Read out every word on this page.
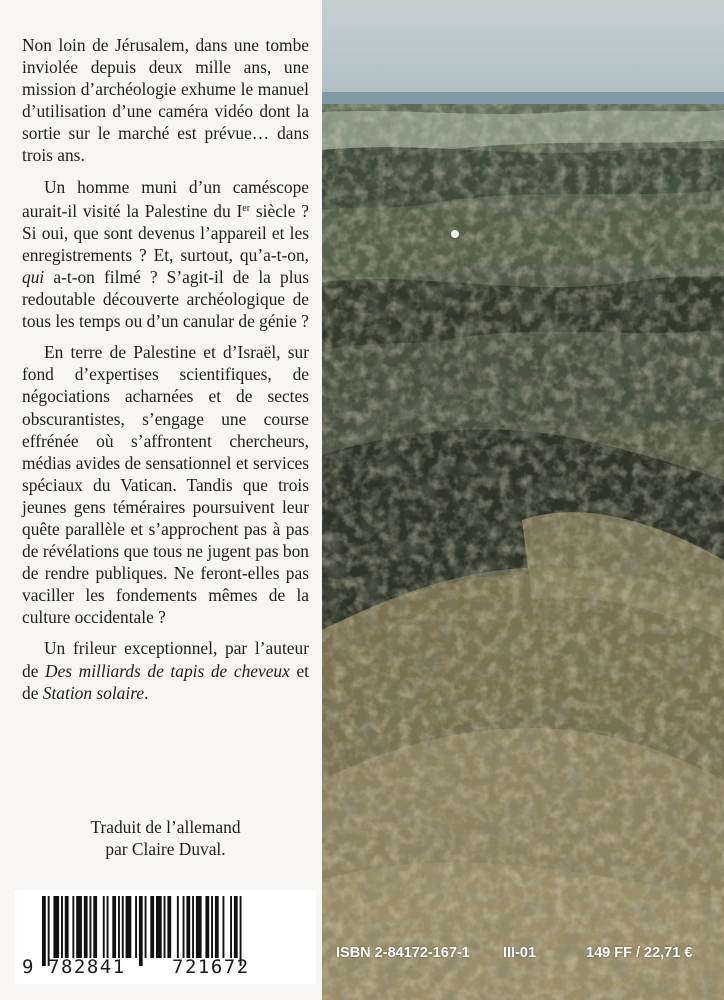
Non loin de Jérusalem, dans une tombe inviolée depuis deux mille ans, une mission d’archéologie exhume le manuel d’utilisation d’une caméra vidéo dont la sortie sur le marché est prévue… dans trois ans.

Un homme muni d’un caméscope aurait-il visité la Palestine du Ier siècle ? Si oui, que sont devenus l’appareil et les enregistrements ? Et, surtout, qu’a-t-on, qui a-t-on filmé ? S’agit-il de la plus redoutable découverte archéologique de tous les temps ou d’un canular de génie ?

En terre de Palestine et d’Israël, sur fond d’expertises scientifiques, de négociations acharnées et de sectes obscurantistes, s’engage une course effrénée où s’affrontent chercheurs, médias avides de sensationnel et services spéciaux du Vatican. Tandis que trois jeunes gens téméraires poursuivent leur quête parallèle et s’approchent pas à pas de révélations que tous ne jugent pas bon de rendre publiques. Ne feront-elles pas vaciller les fondements mêmes de la culture occidentale ?

Un frileur exceptionnel, par l’auteur de Des milliards de tapis de cheveux et de Station solaire.

Traduit de l’allemand
par Claire Duval.
9 782841 721672
ISBN 2-84172-167-1 III-01	149 FF / 22,71 €
